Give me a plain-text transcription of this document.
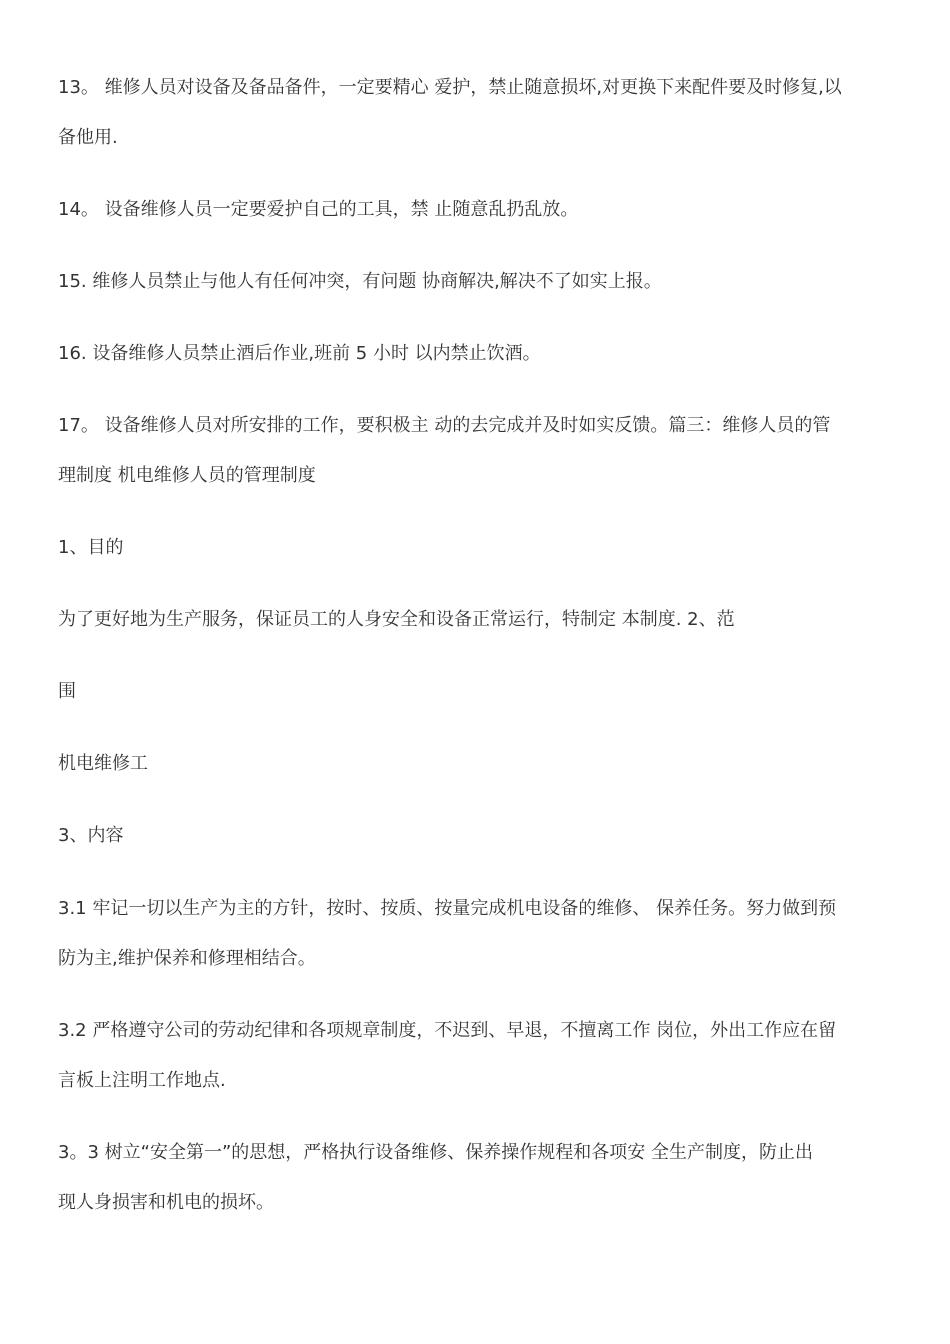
13。 维修人员对设备及备品备件，一定要精心 爱护，禁止随意损坏,对更换下来配件要及时修复,以
备他用.
14。 设备维修人员一定要爱护自己的工具，禁 止随意乱扔乱放。
15. 维修人员禁止与他人有任何冲突，有问题 协商解决,解决不了如实上报。
16. 设备维修人员禁止酒后作业,班前 5 小时 以内禁止饮酒。
17。 设备维修人员对所安排的工作，要积极主 动的去完成并及时如实反馈。篇三：维修人员的管
理制度 机电维修人员的管理制度
1、目的
为了更好地为生产服务，保证员工的人身安全和设备正常运行，特制定 本制度. 2、范
围
机电维修工
3、内容
3.1 牢记一切以生产为主的方针，按时、按质、按量完成机电设备的维修、 保养任务。努力做到预
防为主,维护保养和修理相结合。
3.2 严格遵守公司的劳动纪律和各项规章制度，不迟到、早退，不擅离工作 岗位，外出工作应在留
言板上注明工作地点.
3。3 树立“安全第一”的思想，严格执行设备维修、保养操作规程和各项安 全生产制度，防止出
现人身损害和机电的损坏。
